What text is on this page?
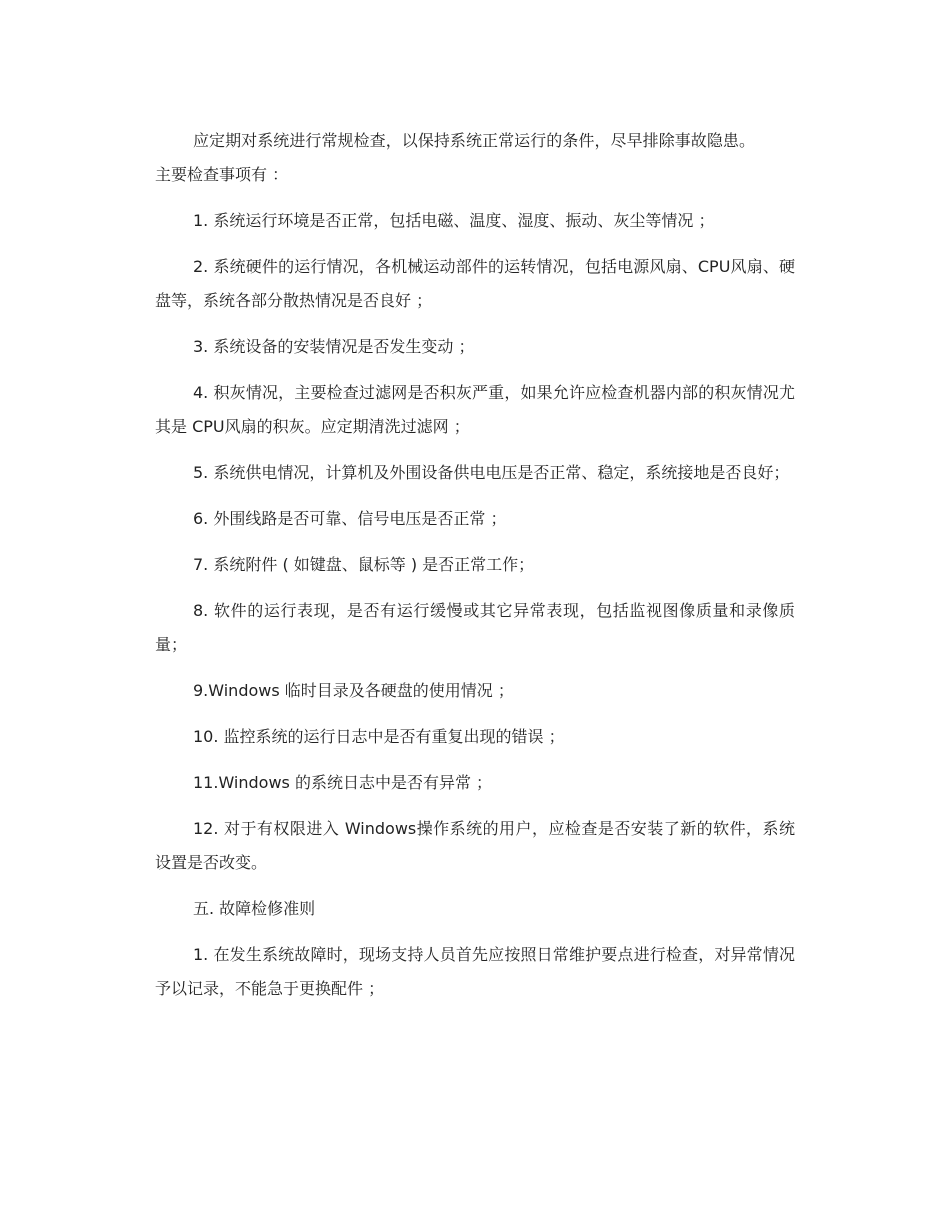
应定期对系统进行常规检查，以保持系统正常运行的条件，尽早排除事故隐患。主要检查事项有 ：

1. 系统运行环境是否正常，包括电磁、温度、湿度、振动、灰尘等情况 ；

2. 系统硬件的运行情况，各机械运动部件的运转情况，包括电源风扇、CPU风扇、硬盘等，系统各部分散热情况是否良好 ；

3. 系统设备的安装情况是否发生变动 ；

4. 积灰情况，主要检查过滤网是否积灰严重，如果允许应检查机器内部的积灰情况尤其是 CPU风扇的积灰。应定期清洗过滤网 ；

5. 系统供电情况，计算机及外围设备供电电压是否正常、稳定，系统接地是否良好；

6. 外围线路是否可靠、信号电压是否正常 ；

7. 系统附件 ( 如键盘、鼠标等 ) 是否正常工作；

8. 软件的运行表现，是否有运行缓慢或其它异常表现，包括监视图像质量和录像质量；

9.Windows 临时目录及各硬盘的使用情况 ；

10. 监控系统的运行日志中是否有重复出现的错误 ；

11.Windows 的系统日志中是否有异常 ；

12. 对于有权限进入 Windows操作系统的用户，应检查是否安装了新的软件，系统设置是否改变。

五. 故障检修准则

1. 在发生系统故障时，现场支持人员首先应按照日常维护要点进行检查，对异常情况予以记录，不能急于更换配件 ；
